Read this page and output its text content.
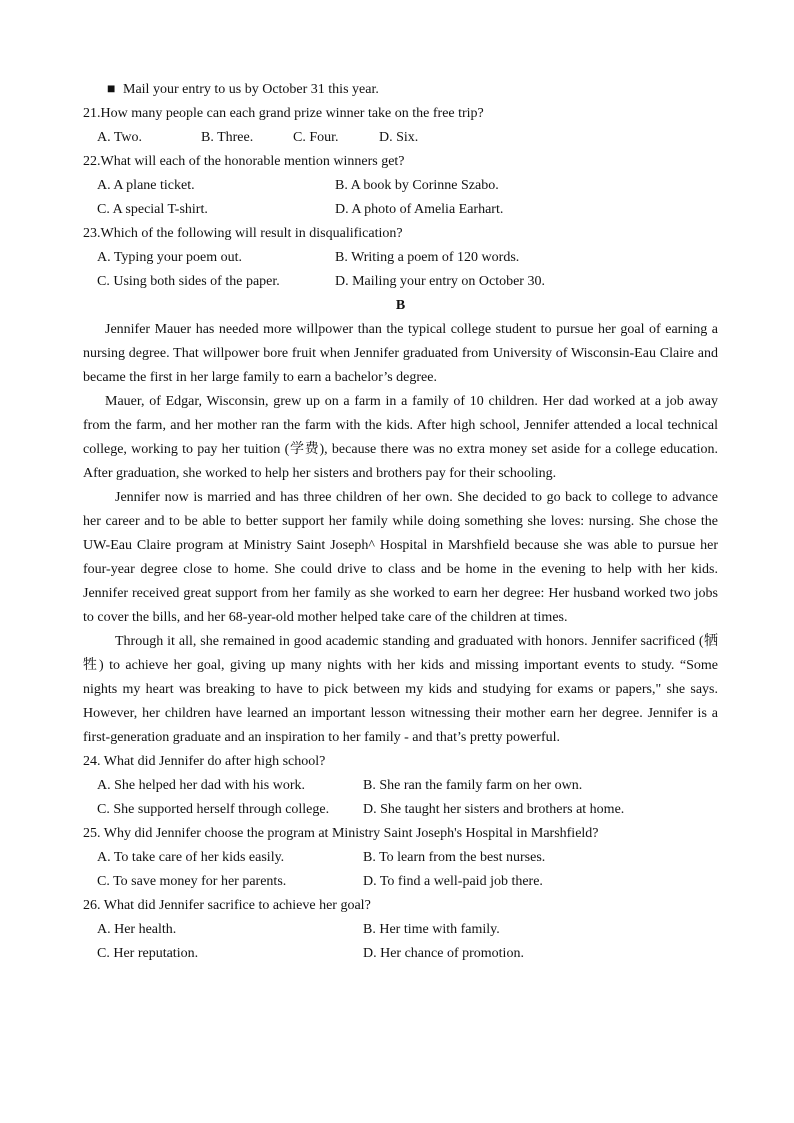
■ Mail your entry to us by October 31 this year.
21.How many people can each grand prize winner take on the free trip?
A. Two.	B. Three.	C. Four.	D. Six.
22.What will each of the honorable mention winners get?
A. A plane ticket.	B. A book by Corinne Szabo.
C. A special T-shirt.	D. A photo of Amelia Earhart.
23.Which of the following will result in disqualification?
A. Typing your poem out.	B. Writing a poem of 120 words.
C. Using both sides of the paper.	D. Mailing your entry on October 30.
B

Jennifer Mauer has needed more willpower than the typical college student to pursue her goal of earning a nursing degree. That willpower bore fruit when Jennifer graduated from University of Wisconsin-Eau Claire and became the first in her large family to earn a bachelor’s degree.

Mauer, of Edgar, Wisconsin, grew up on a farm in a family of 10 children. Her dad worked at a job away from the farm, and her mother ran the farm with the kids. After high school, Jennifer attended a local technical college, working to pay her tuition (学费), because there was no extra money set aside for a college education. After graduation, she worked to help her sisters and brothers pay for their schooling.

Jennifer now is married and has three children of her own. She decided to go back to college to advance her career and to be able to better support her family while doing something she loves: nursing. She chose the UW-Eau Claire program at Ministry Saint Joseph^ Hospital in Marshfield because she was able to pursue her four-year degree close to home. She could drive to class and be home in the evening to help with her kids. Jennifer received great support from her family as she worked to earn her degree: Her husband worked two jobs to cover the bills, and her 68-year-old mother helped take care of the children at times.

Through it all, she remained in good academic standing and graduated with honors. Jennifer sacrificed (牺牲) to achieve her goal, giving up many nights with her kids and missing important events to study. “Some nights my heart was breaking to have to pick between my kids and studying for exams or papers," she says. However, her children have learned an important lesson witnessing their mother earn her degree. Jennifer is a first-generation graduate and an inspiration to her family - and that’s pretty powerful.

24. What did Jennifer do after high school?
A. She helped her dad with his work.	B. She ran the family farm on her own.
C. She supported herself through college. D. She taught her sisters and brothers at home.
25. Why did Jennifer choose the program at Ministry Saint Joseph's Hospital in Marshfield?
A. To take care of her kids easily.	B. To learn from the best nurses.
C. To save money for her parents.	D. To find a well-paid job there.
26. What did Jennifer sacrifice to achieve her goal?
A. Her health.	B. Her time with family.
C. Her reputation.	D. Her chance of promotion.
